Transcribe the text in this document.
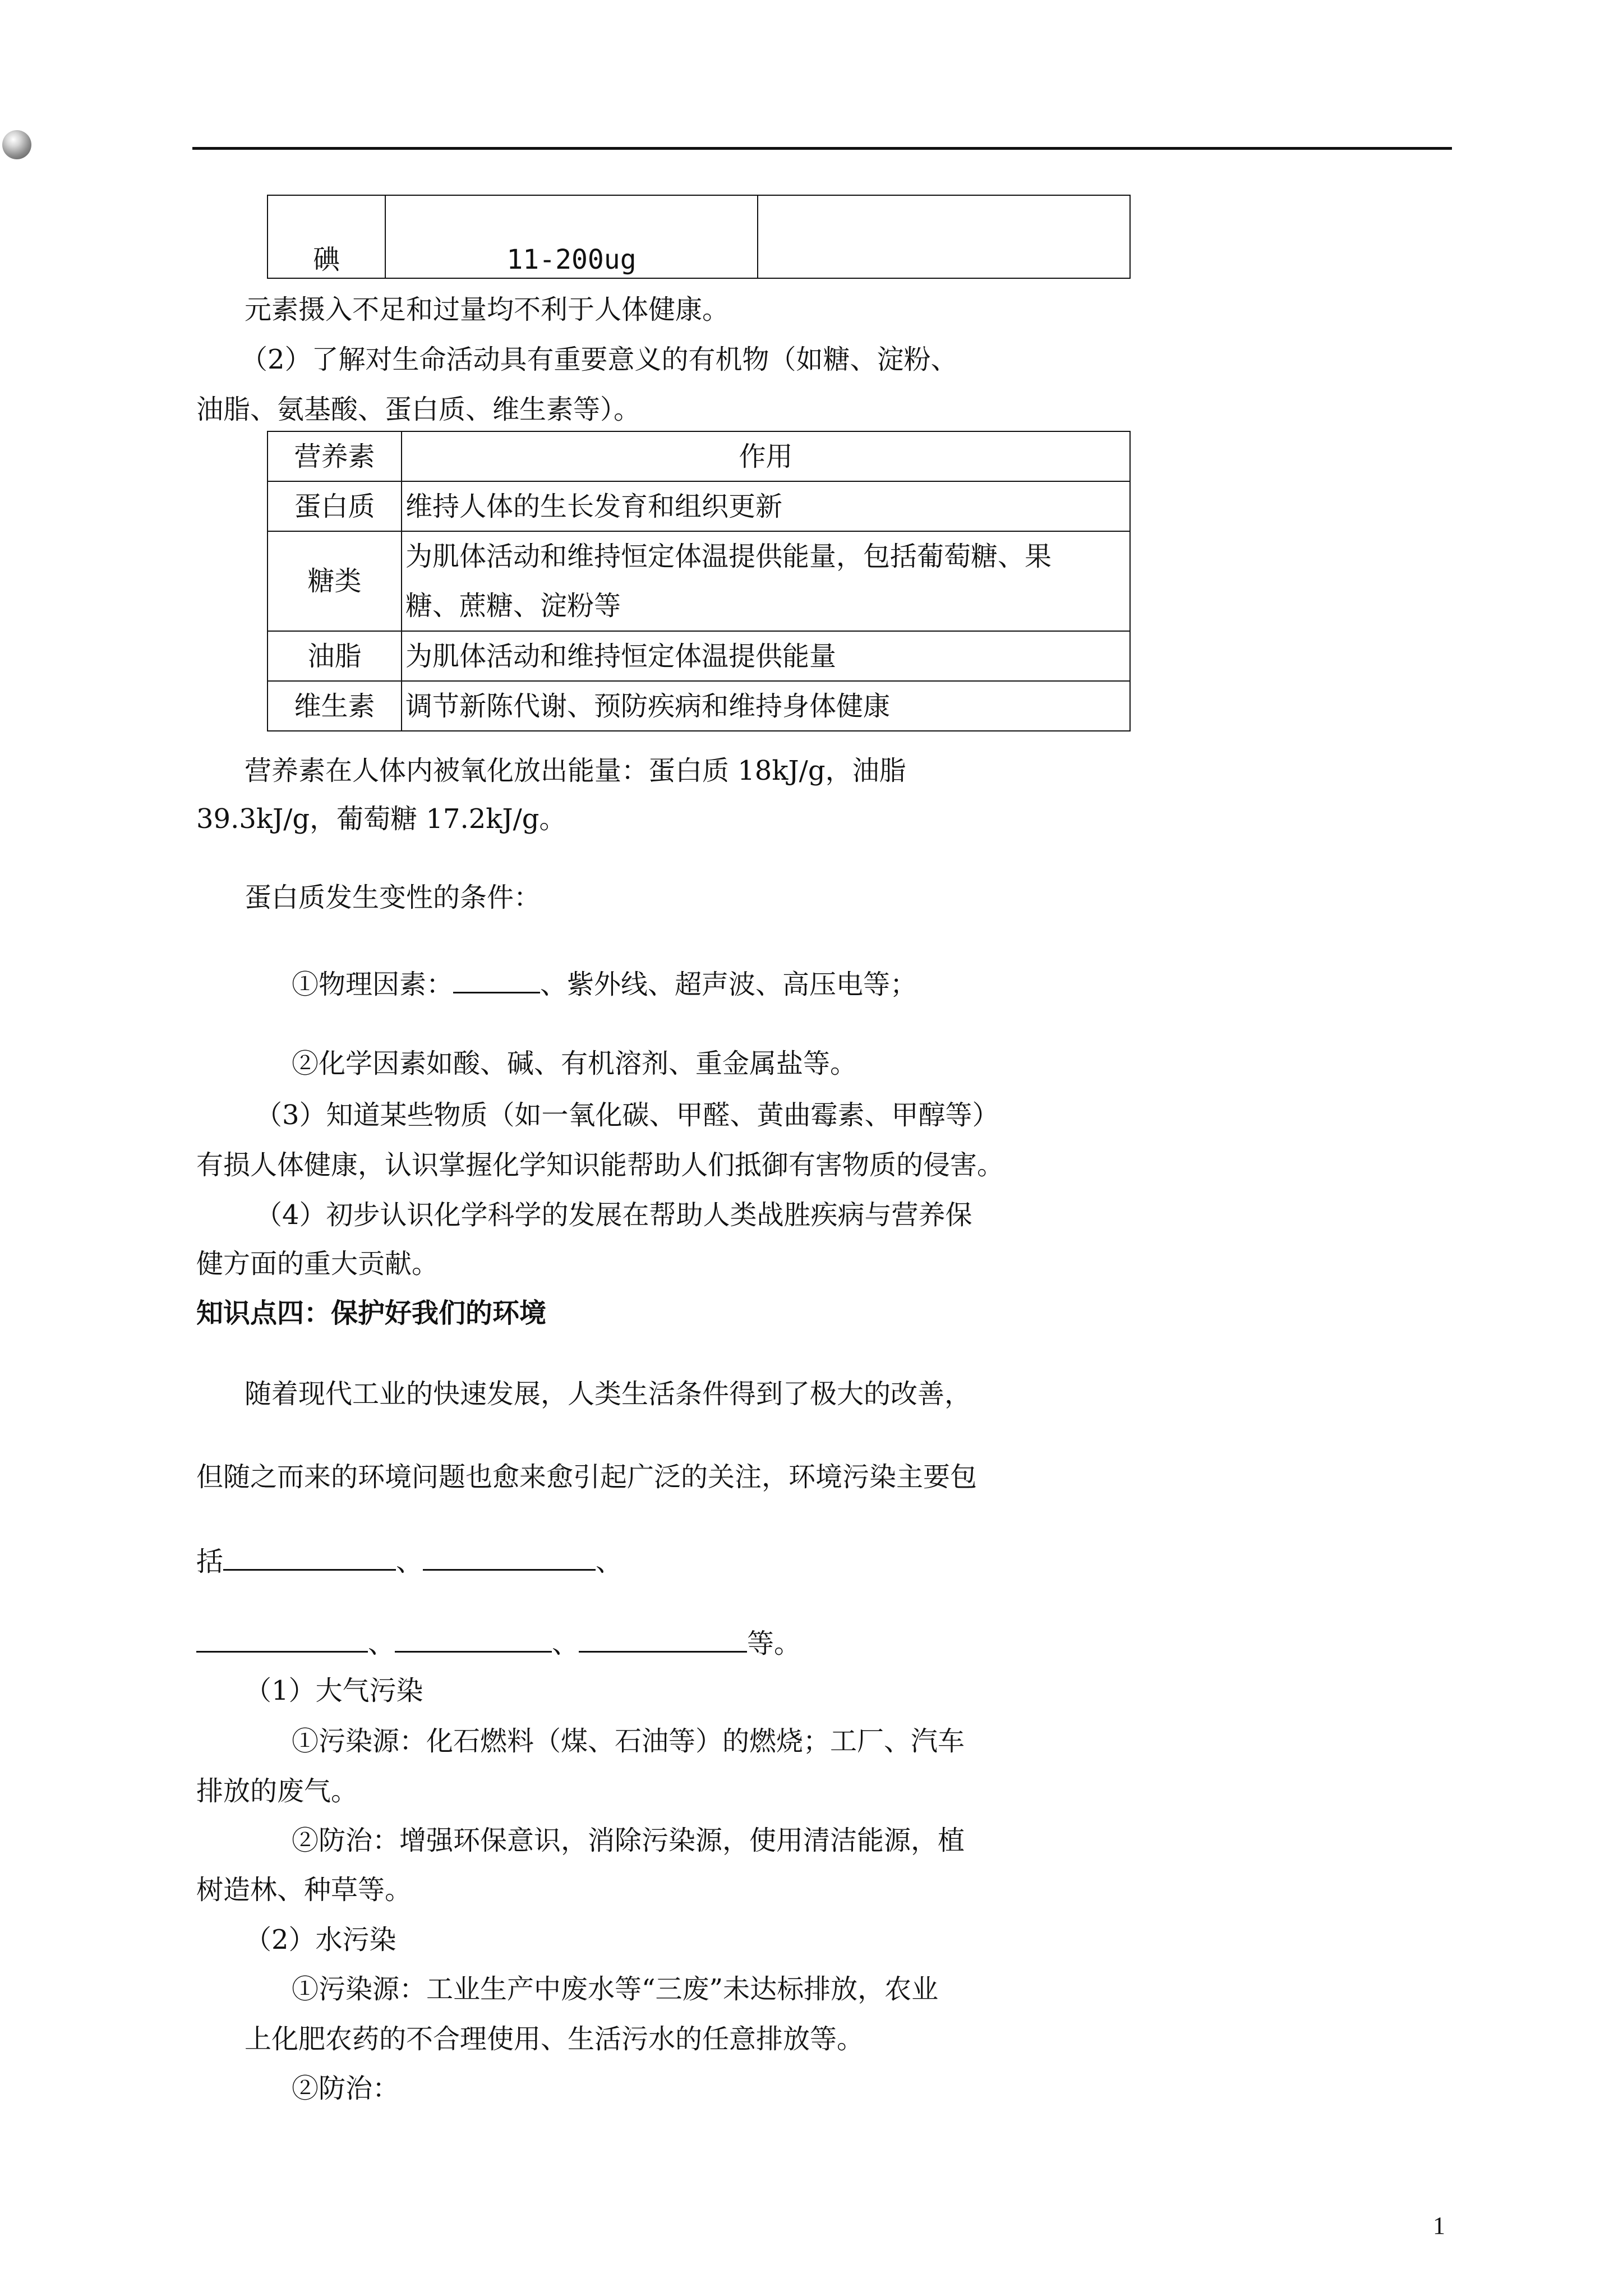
碘	11-200ug	
元素摄入不足和过量均不利于人体健康。
（2）了解对生命活动具有重要意义的有机物（如糖、淀粉、
油脂、氨基酸、蛋白质、维生素等）。
营养素	作用
蛋白质	维持人体的生长发育和组织更新
糖类	为肌体活动和维持恒定体温提供能量，包括葡萄糖、果
糖、蔗糖、淀粉等

油脂	为肌体活动和维持恒定体温提供能量
维生素	调节新陈代谢、预防疾病和维持身体健康
营养素在人体内被氧化放出能量：蛋白质 18kJ/g，油脂
39.3kJ/g，葡萄糖 17.2kJ/g。
蛋白质发生变性的条件：
①物理因素：	、紫外线、超声波、高压电等；
②化学因素如酸、碱、有机溶剂、重金属盐等。
（3）知道某些物质（如一氧化碳、甲醛、黄曲霉素、甲醇等）
有损人体健康，认识掌握化学知识能帮助人们抵御有害物质的侵害。
（4）初步认识化学科学的发展在帮助人类战胜疾病与营养保
健方面的重大贡献。
知识点四：保护好我们的环境
随着现代工业的快速发展，人类生活条件得到了极大的改善，
但随之而来的环境问题也愈来愈引起广泛的关注，环境污染主要包
括	、	、
、	、	等。
（1）大气污染
①污染源：化石燃料（煤、石油等）的燃烧；工厂、汽车
排放的废气。
②防治：增强环保意识，消除污染源，使用清洁能源，植
树造林、种草等。
（2）水污染
①污染源：工业生产中废水等“三废”未达标排放，农业
上化肥农药的不合理使用、生活污水的任意排放等。
②防治：
1
